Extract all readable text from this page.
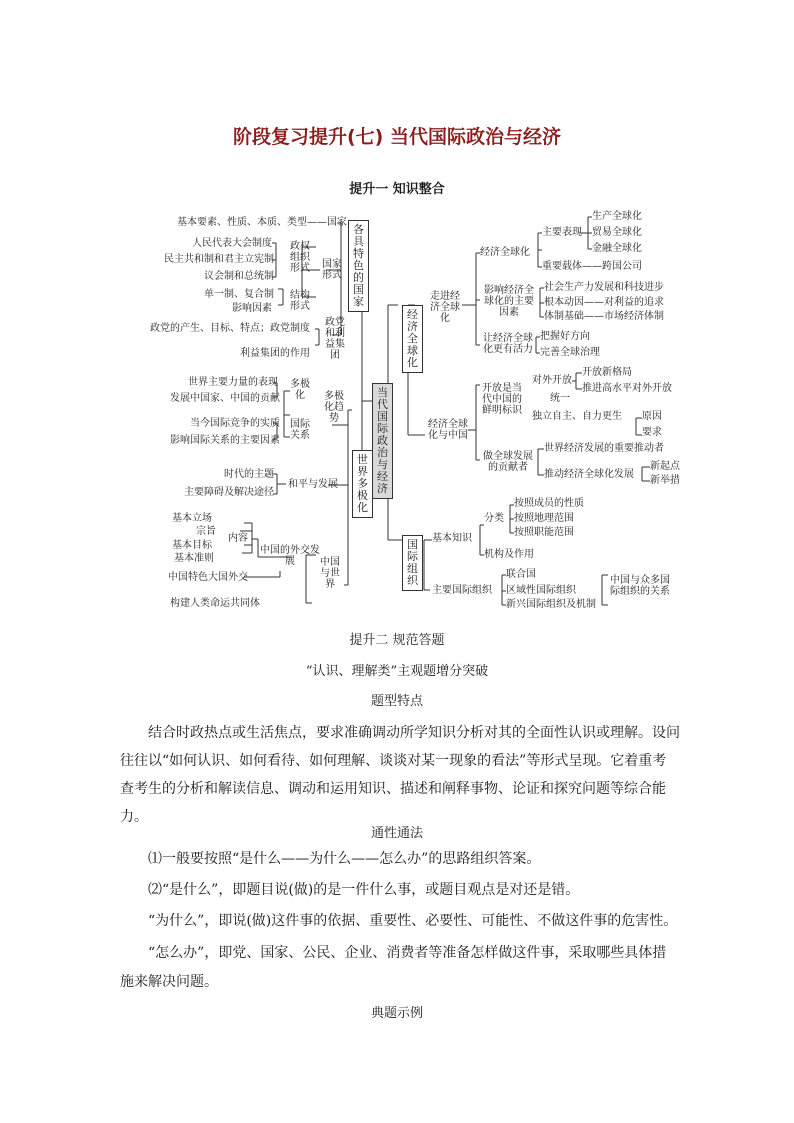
阶段复习提升(七) 当代国际政治与经济
提升一 知识整合
当代国际政治与经济
各具特色的国家
基本要素、性质、本质、类型——国家
人民代表大会制度
民主共和制和君主立宪制
议会制和总统制
政权组织形式
单一制、复合制
影响因素
结构形式
国家形式
政党的产生、目标、特点；政党制度
利益集团的作用
政党和利益集团
世界多极化
世界主要力量的表现
发展中国家、中国的贡献
多极化
当今国际竞争的实质
影响国际关系的主要因素
国际关系
多极化趋势
时代的主题
主要障碍及解决途径
和平与发展
基本立场
宗旨
基本目标
基本准则
内容
中国的外交发展
中国特色大国外交
构建人类命运共同体
中国与世界
经济全球化
走进经济全球化
经济全球化
主要表现
生产全球化
贸易全球化
金融全球化
重要载体——跨国公司
影响经济全球化的主要因素
社会生产力发展和科技进步
根本动因——对利益的追求
体制基础——市场经济体制
让经济全球化更有活力
把握好方向
完善全球治理
经济全球化与中国
开放是当代中国的鲜明标识
对外开放
开放新格局
推进高水平对外开放
统一
独立自主、自力更生 原因
要求
做全球发展的贡献者
世界经济发展的重要推动者
推动经济全球化发展
新起点
新举措
国际组织
基本知识
分类
按照成员的性质
按照地理范围
按照职能范围
机构及作用
主要国际组织
联合国
区域性国际组织
新兴国际组织及机制
中国与众多国际组织的关系
提升二 规范答题
“认识、理解类”主观题增分突破
题型特点
结合时政热点或生活焦点，要求准确调动所学知识分析对其的全面性认识或理解。设问往往以“如何认识、如何看待、如何理解、谈谈对某一现象的看法”等形式呈现。它着重考查考生的分析和解读信息、调动和运用知识、描述和阐释事物、论证和探究问题等综合能力。
通性通法
⑴一般要按照“是什么——为什么——怎么办”的思路组织答案。
⑵“是什么”，即题目说(做)的是一件什么事，或题目观点是对还是错。
“为什么”，即说(做)这件事的依据、重要性、必要性、可能性、不做这件事的危害性。
“怎么办”，即党、国家、公民、企业、消费者等准备怎样做这件事，采取哪些具体措施来解决问题。
典题示例
